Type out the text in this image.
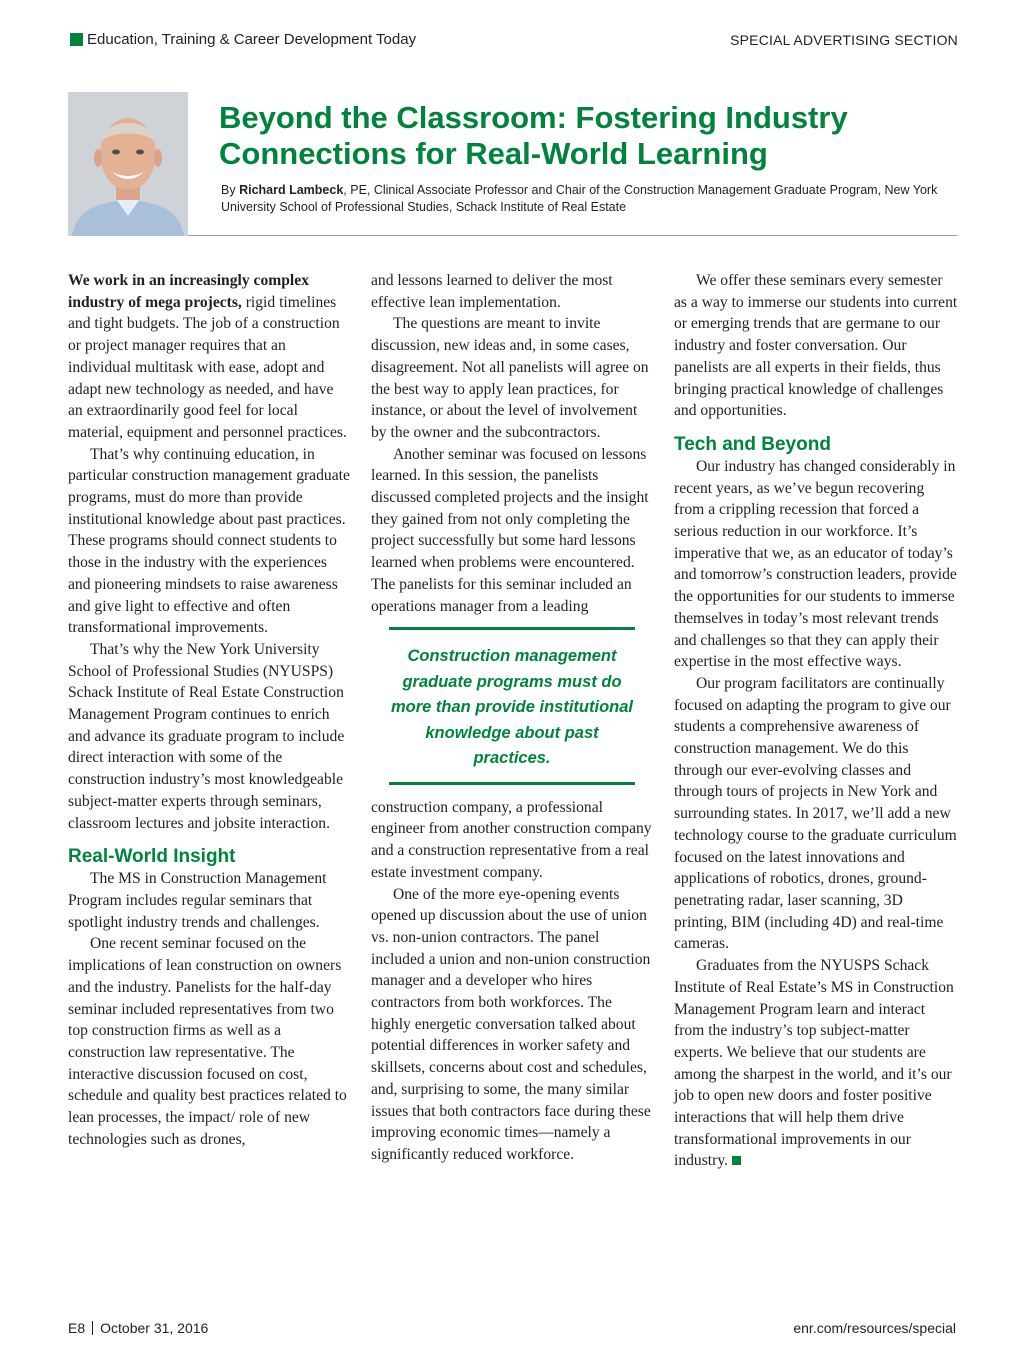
Education, Training & Career Development Today	SPECIAL ADVERTISING SECTION
Beyond the Classroom: Fostering Industry Connections for Real-World Learning
By Richard Lambeck, PE, Clinical Associate Professor and Chair of the Construction Management Graduate Program, New York University School of Professional Studies, Schack Institute of Real Estate

We work in an increasingly complex industry of mega projects, rigid timelines and tight budgets. The job of a construction or project manager requires that an individual multitask with ease, adopt and adapt new technology as needed, and have an extraordinarily good feel for local material, equipment and personnel practices.

That’s why continuing education, in particular construction management graduate programs, must do more than provide institutional knowledge about past practices. These programs should connect students to those in the industry with the experiences and pioneering mindsets to raise awareness and give light to effective and often transformational improvements.

That’s why the New York University School of Professional Studies (NYUSPS) Schack Institute of Real Estate Construction Management Program continues to enrich and advance its graduate program to include direct interaction with some of the construction industry’s most knowledgeable subject-matter experts through seminars, classroom lectures and jobsite interaction.

Real-World Insight

The MS in Construction Management Program includes regular seminars that spotlight industry trends and challenges.

One recent seminar focused on the implications of lean construction on owners and the industry. Panelists for the half-day seminar included representatives from two top construction firms as well as a construction law representative. The interactive discussion focused on cost, schedule and quality best practices related to lean processes, the impact/ role of new technologies such as drones,

and lessons learned to deliver the most effective lean implementation.

The questions are meant to invite discussion, new ideas and, in some cases, disagreement. Not all panelists will agree on the best way to apply lean practices, for instance, or about the level of involvement by the owner and the subcontractors.

Another seminar was focused on lessons learned. In this session, the panelists discussed completed projects and the insight they gained from not only completing the project successfully but some hard lessons learned when problems were encountered. The panelists for this seminar included an operations manager from a leading

Construction management graduate programs must do more than provide institutional knowledge about past practices.

construction company, a professional engineer from another construction company and a construction representative from a real estate investment company.

One of the more eye-opening events opened up discussion about the use of union vs. non-union contractors. The panel included a union and non-union construction manager and a developer who hires contractors from both workforces. The highly energetic conversation talked about potential differences in worker safety and skillsets, concerns about cost and schedules, and, surprising to some, the many similar issues that both contractors face during these improving economic times—namely a significantly reduced workforce.

We offer these seminars every semester as a way to immerse our students into current or emerging trends that are germane to our industry and foster conversation. Our panelists are all experts in their fields, thus bringing practical knowledge of challenges and opportunities.

Tech and Beyond

Our industry has changed considerably in recent years, as we’ve begun recovering from a crippling recession that forced a serious reduction in our workforce. It’s imperative that we, as an educator of today’s and tomorrow’s construction leaders, provide the opportunities for our students to immerse themselves in today’s most relevant trends and challenges so that they can apply their expertise in the most effective ways.

Our program facilitators are continually focused on adapting the program to give our students a comprehensive awareness of construction management. We do this through our ever-evolving classes and through tours of projects in New York and surrounding states. In 2017, we’ll add a new technology course to the graduate curriculum focused on the latest innovations and applications of robotics, drones, ground-penetrating radar, laser scanning, 3D printing, BIM (including 4D) and real-time cameras.

Graduates from the NYUSPS Schack Institute of Real Estate’s MS in Construction Management Program learn and interact from the industry’s top subject-matter experts. We believe that our students are among the sharpest in the world, and it’s our job to open new doors and foster positive interactions that will help them drive transformational improvements in our industry.

E8 October 31, 2016	enr.com/resources/special
